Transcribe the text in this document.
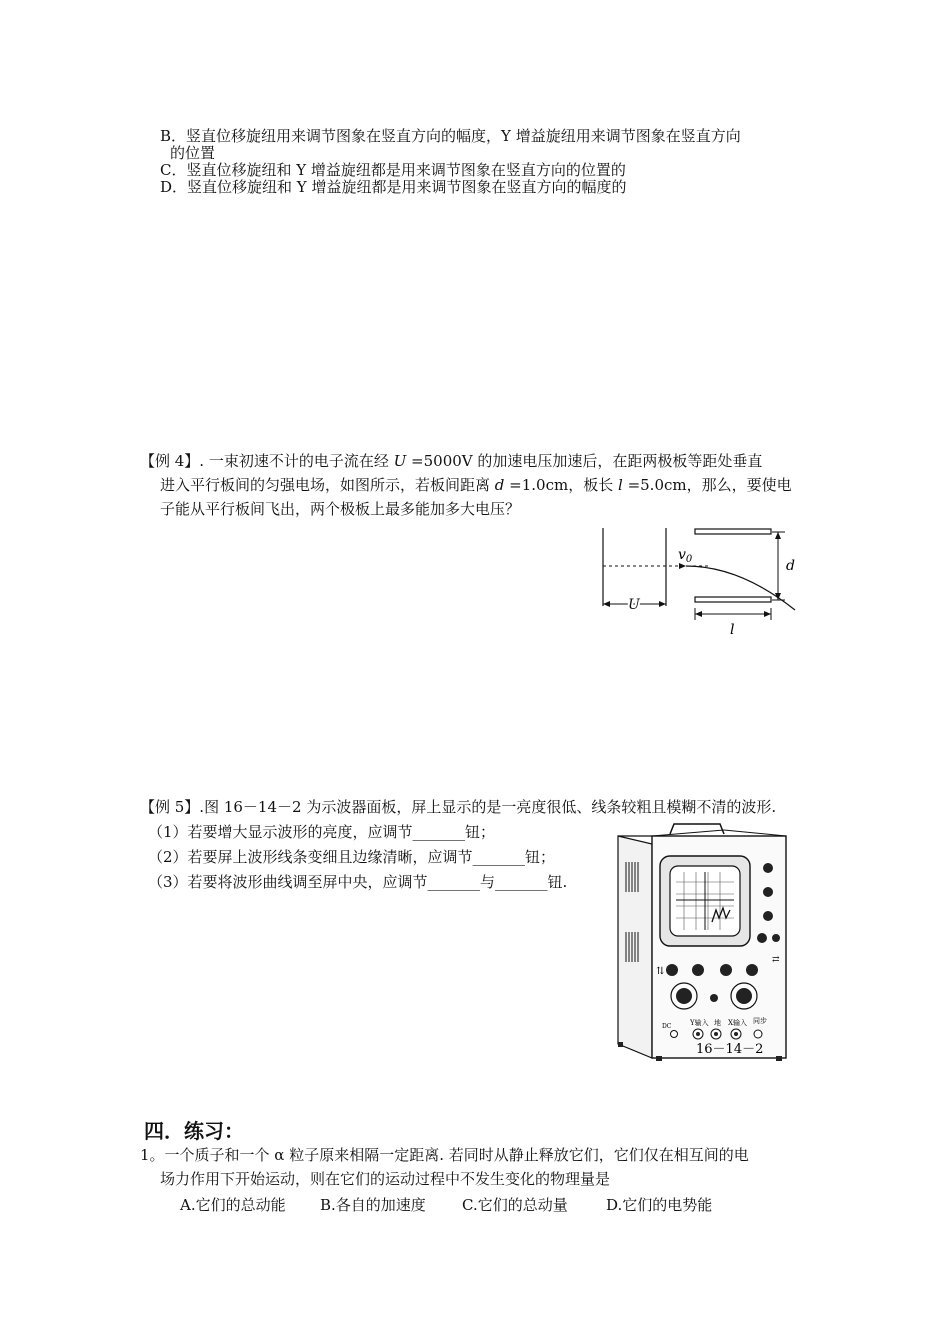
B．竖直位移旋纽用来调节图象在竖直方向的幅度，Y 增益旋纽用来调节图象在竖直方向
的位置
C．竖直位移旋纽和 Y 增益旋纽都是用来调节图象在竖直方向的位置的
D．竖直位移旋纽和 Y 增益旋纽都是用来调节图象在竖直方向的幅度的
【例 4】. 一束初速不计的电子流在经 U =5000V 的加速电压加速后，在距两极板等距处垂直
进入平行板间的匀强电场，如图所示，若板间距离 d =1.0cm，板长 l =5.0cm，那么，要使电
子能从平行板间飞出，两个极板上最多能加多大电压？
$v_0$	d
U
l
【例 5】.图 16－14－2 为示波器面板，屏上显示的是一亮度很低、线条较粗且模糊不清的波形.
（1）若要增大显示波形的亮度，应调节_______钮；
（2）若要屏上波形线条变细且边缘清晰，应调节_______钮；
（3）若要将波形曲线调至屏中央，应调节_______与_______钮.
⇅
⇄
Y输入 地 X输入 同步
DC
16－14－2
四．练习：
1。一个质子和一个 α 粒子原来相隔一定距离. 若同时从静止释放它们，它们仅在相互间的电
场力作用下开始运动，则在它们的运动过程中不发生变化的物理量是
A.它们的总动能 B.各自的加速度 C.它们的总动量	D.它们的电势能
